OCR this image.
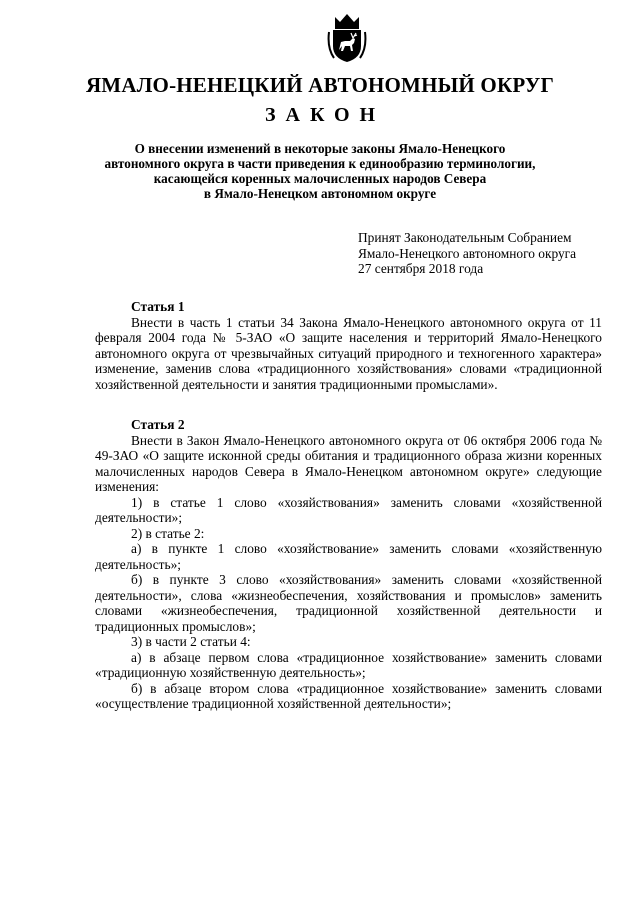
ЯМАЛО-НЕНЕЦКИЙ АВТОНОМНЫЙ ОКРУГ
ЗАКОН
О внесении изменений в некоторые законы Ямало-Ненецкого
автономного округа в части приведения к единообразию терминологии,
касающейся коренных малочисленных народов Севера
в Ямало-Ненецком автономном округе
Принят Законодательным Собранием
Ямало-Ненецкого автономного округа
27 сентября 2018 года
Статья 1

Внести в часть 1 статьи 34 Закона Ямало-Ненецкого автономного округа от 11 февраля 2004 года № 5-ЗАО «О защите населения и территорий Ямало-Ненецкого автономного округа от чрезвычайных ситуаций природного и техногенного характера» изменение, заменив слова «традиционного хозяйствования» словами «традиционной хозяйственной деятельности и занятия традиционными промыслами».

Статья 2

Внести в Закон Ямало-Ненецкого автономного округа от 06 октября 2006 года № 49-ЗАО «О защите исконной среды обитания и традиционного образа жизни коренных малочисленных народов Севера в Ямало-Ненецком автономном округе» следующие изменения:

1) в статье 1 слово «хозяйствования» заменить словами «хозяйственной деятельности»;

2) в статье 2:

а) в пункте 1 слово «хозяйствование» заменить словами «хозяйственную деятельность»;

б) в пункте 3 слово «хозяйствования» заменить словами «хозяйственной деятельности», слова «жизнеобеспечения, хозяйствования и промыслов» заменить словами «жизнеобеспечения, традиционной хозяйственной деятельности и традиционных промыслов»;

3) в части 2 статьи 4:

а) в абзаце первом слова «традиционное хозяйствование» заменить словами «традиционную хозяйственную деятельность»;

б) в абзаце втором слова «традиционное хозяйствование» заменить словами «осуществление традиционной хозяйственной деятельности»;
